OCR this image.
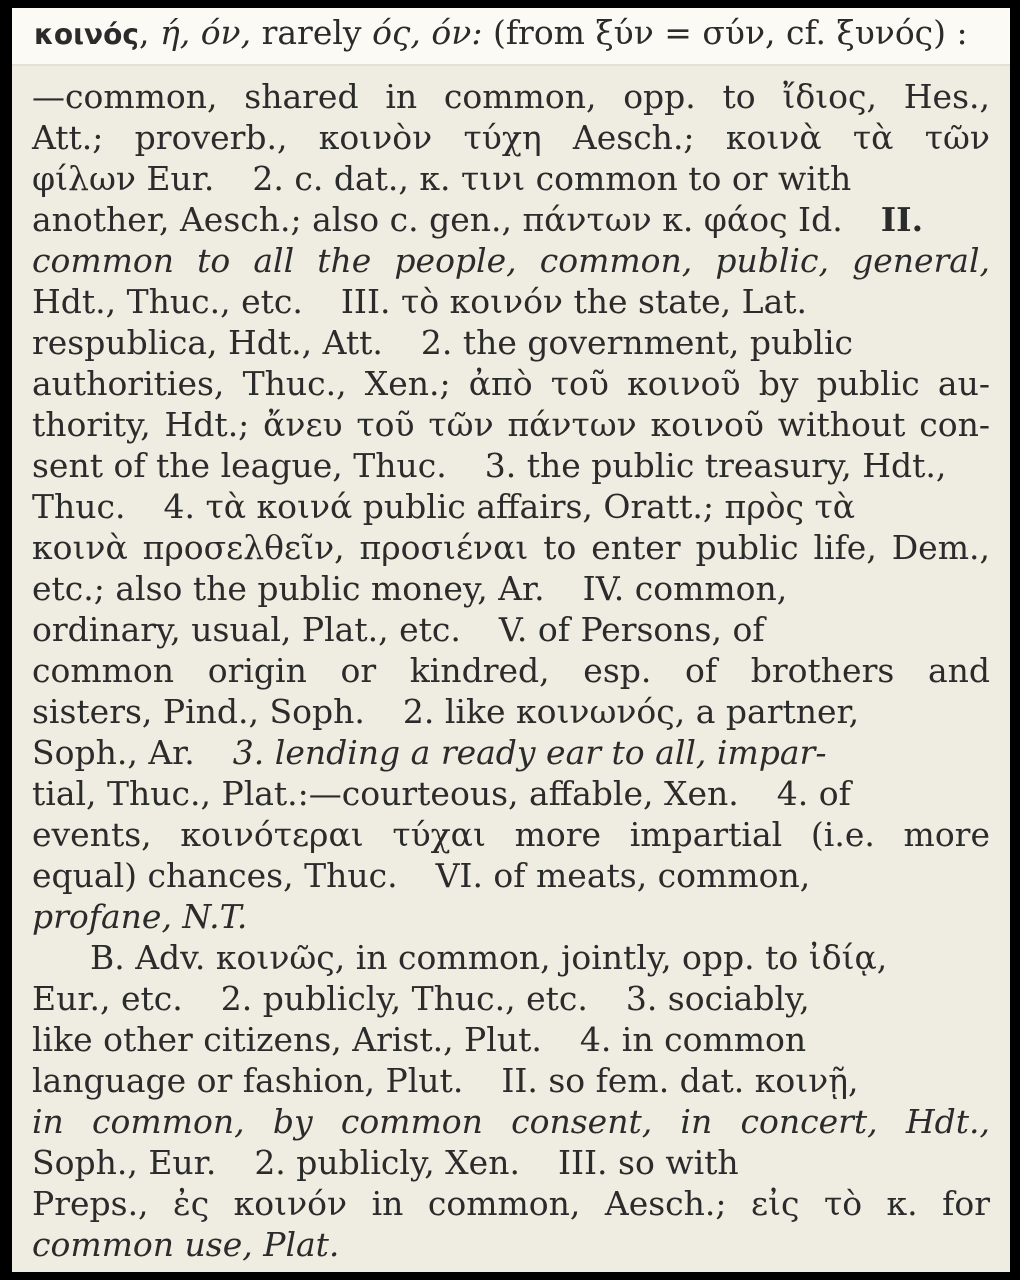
κοινός, ή, όν, rarely ός, όν: (from ξύν = σύν, cf. ξυνός) :
—common, shared in common, opp. to ἴδιος, Hes.,
Att.; proverb., κοινὸν τύχη Aesch.; κοινὰ τὰ τῶν
φίλων Eur. 2. c. dat., κ. τινι common to or with
another, Aesch.; also c. gen., πάντων κ. φάος Id. II.
common to all the people, common, public, general,
Hdt., Thuc., etc. III. τὸ κοινόν the state, Lat.
respublica, Hdt., Att. 2. the government, public
authorities, Thuc., Xen.; ἀπὸ τοῦ κοινοῦ by public au-
thority, Hdt.; ἄνευ τοῦ τῶν πάντων κοινοῦ without con-
sent of the league, Thuc. 3. the public treasury, Hdt.,
Thuc. 4. τὰ κοινά public affairs, Oratt.; πρὸς τὰ
κοινὰ προσελθεῖν, προσιέναι to enter public life, Dem.,
etc.; also the public money, Ar. IV. common,
ordinary, usual, Plat., etc. V. of Persons, of
common origin or kindred, esp. of brothers and
sisters, Pind., Soph. 2. like κοινωνός, a partner,
Soph., Ar. 3. lending a ready ear to all, impar-
tial, Thuc., Plat.:—courteous, affable, Xen. 4. of
events, κοινότεραι τύχαι more impartial (i.e. more
equal) chances, Thuc. VI. of meats, common,
profane, N.T.
B. Adv. κοινῶς, in common, jointly, opp. to ἰδίᾳ,
Eur., etc. 2. publicly, Thuc., etc. 3. sociably,
like other citizens, Arist., Plut. 4. in common
language or fashion, Plut. II. so fem. dat. κοινῇ,
in common, by common consent, in concert, Hdt.,
Soph., Eur. 2. publicly, Xen. III. so with
Preps., ἐς κοινόν in common, Aesch.; εἰς τὸ κ. for
common use, Plat.
